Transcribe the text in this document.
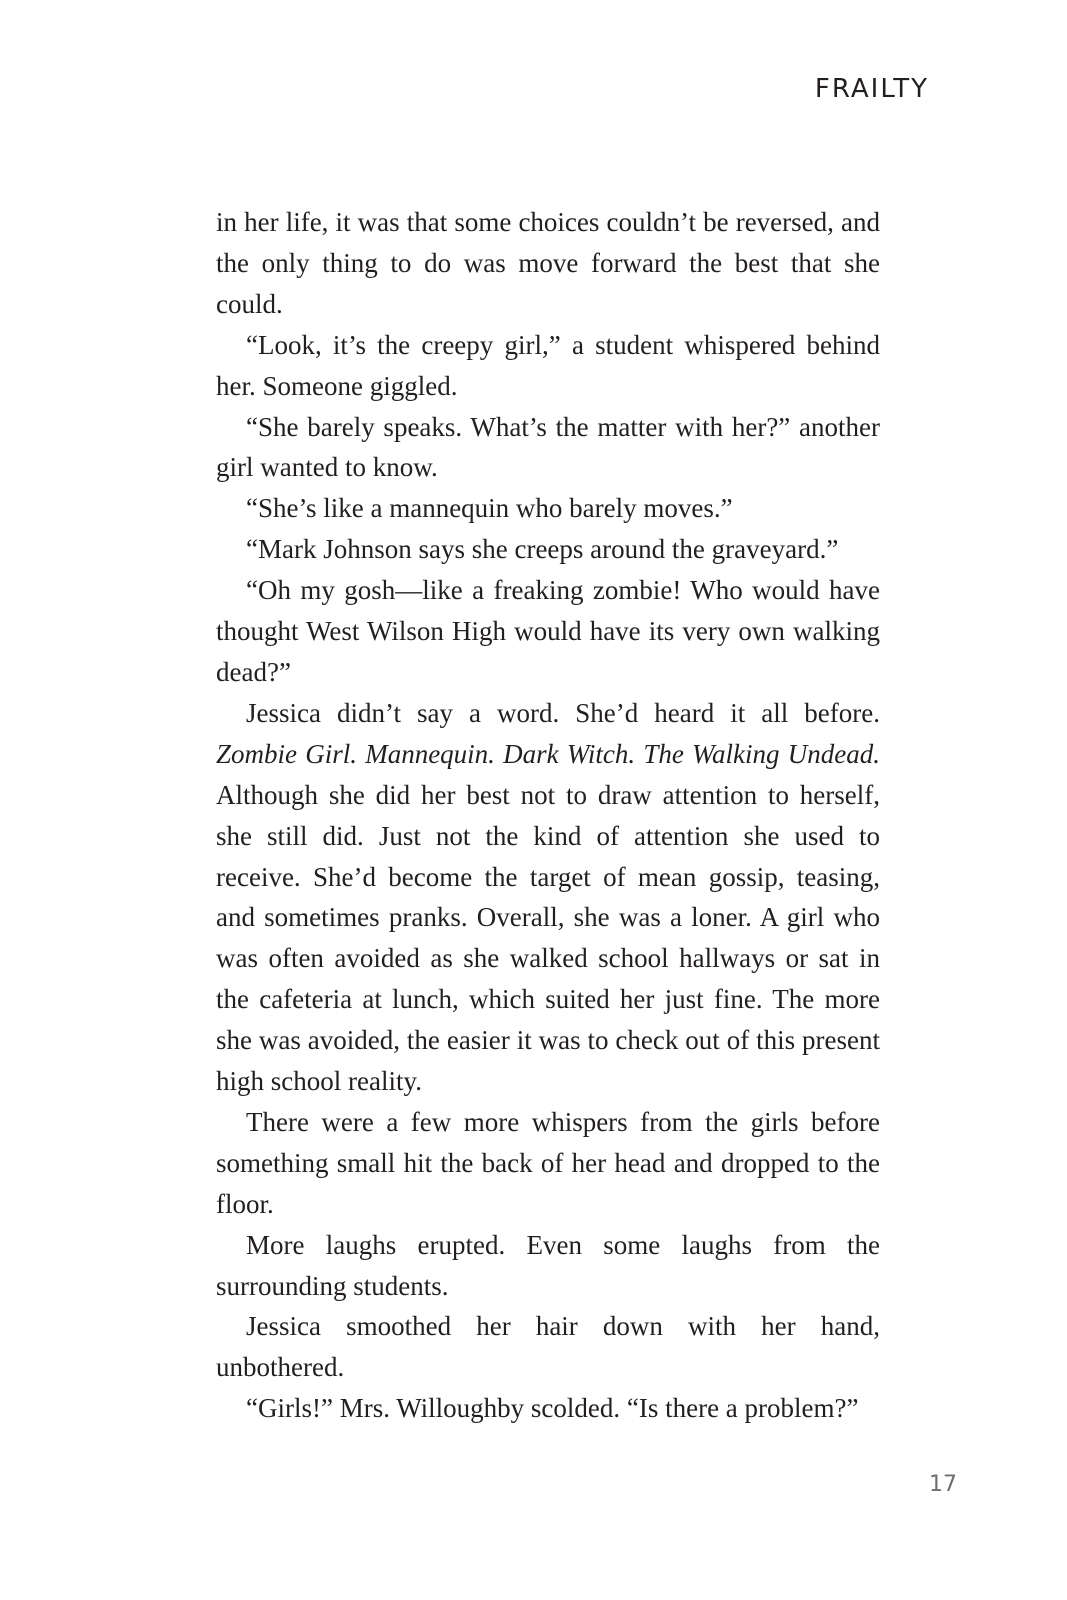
FRAILTY

in her life, it was that some choices couldn’t be reversed, and the only thing to do was move forward the best that she could.

“Look, it’s the creepy girl,” a student whispered behind her. Someone giggled.

“She barely speaks. What’s the matter with her?” another girl wanted to know.

“She’s like a mannequin who barely moves.”

“Mark Johnson says she creeps around the graveyard.”

“Oh my gosh—like a freaking zombie! Who would have thought West Wilson High would have its very own walking dead?”

Jessica didn’t say a word. She’d heard it all before. Zombie Girl. Mannequin. Dark Witch. The Walking Undead. Although she did her best not to draw attention to herself, she still did. Just not the kind of attention she used to receive. She’d become the target of mean gossip, teasing, and sometimes pranks. Overall, she was a loner. A girl who was often avoided as she walked school hallways or sat in the cafeteria at lunch, which suited her just fine. The more she was avoided, the easier it was to check out of this present high school reality.

There were a few more whispers from the girls before something small hit the back of her head and dropped to the floor.

More laughs erupted. Even some laughs from the surrounding students.

Jessica smoothed her hair down with her hand, unbothered.

“Girls!” Mrs. Willoughby scolded. “Is there a problem?”

17
